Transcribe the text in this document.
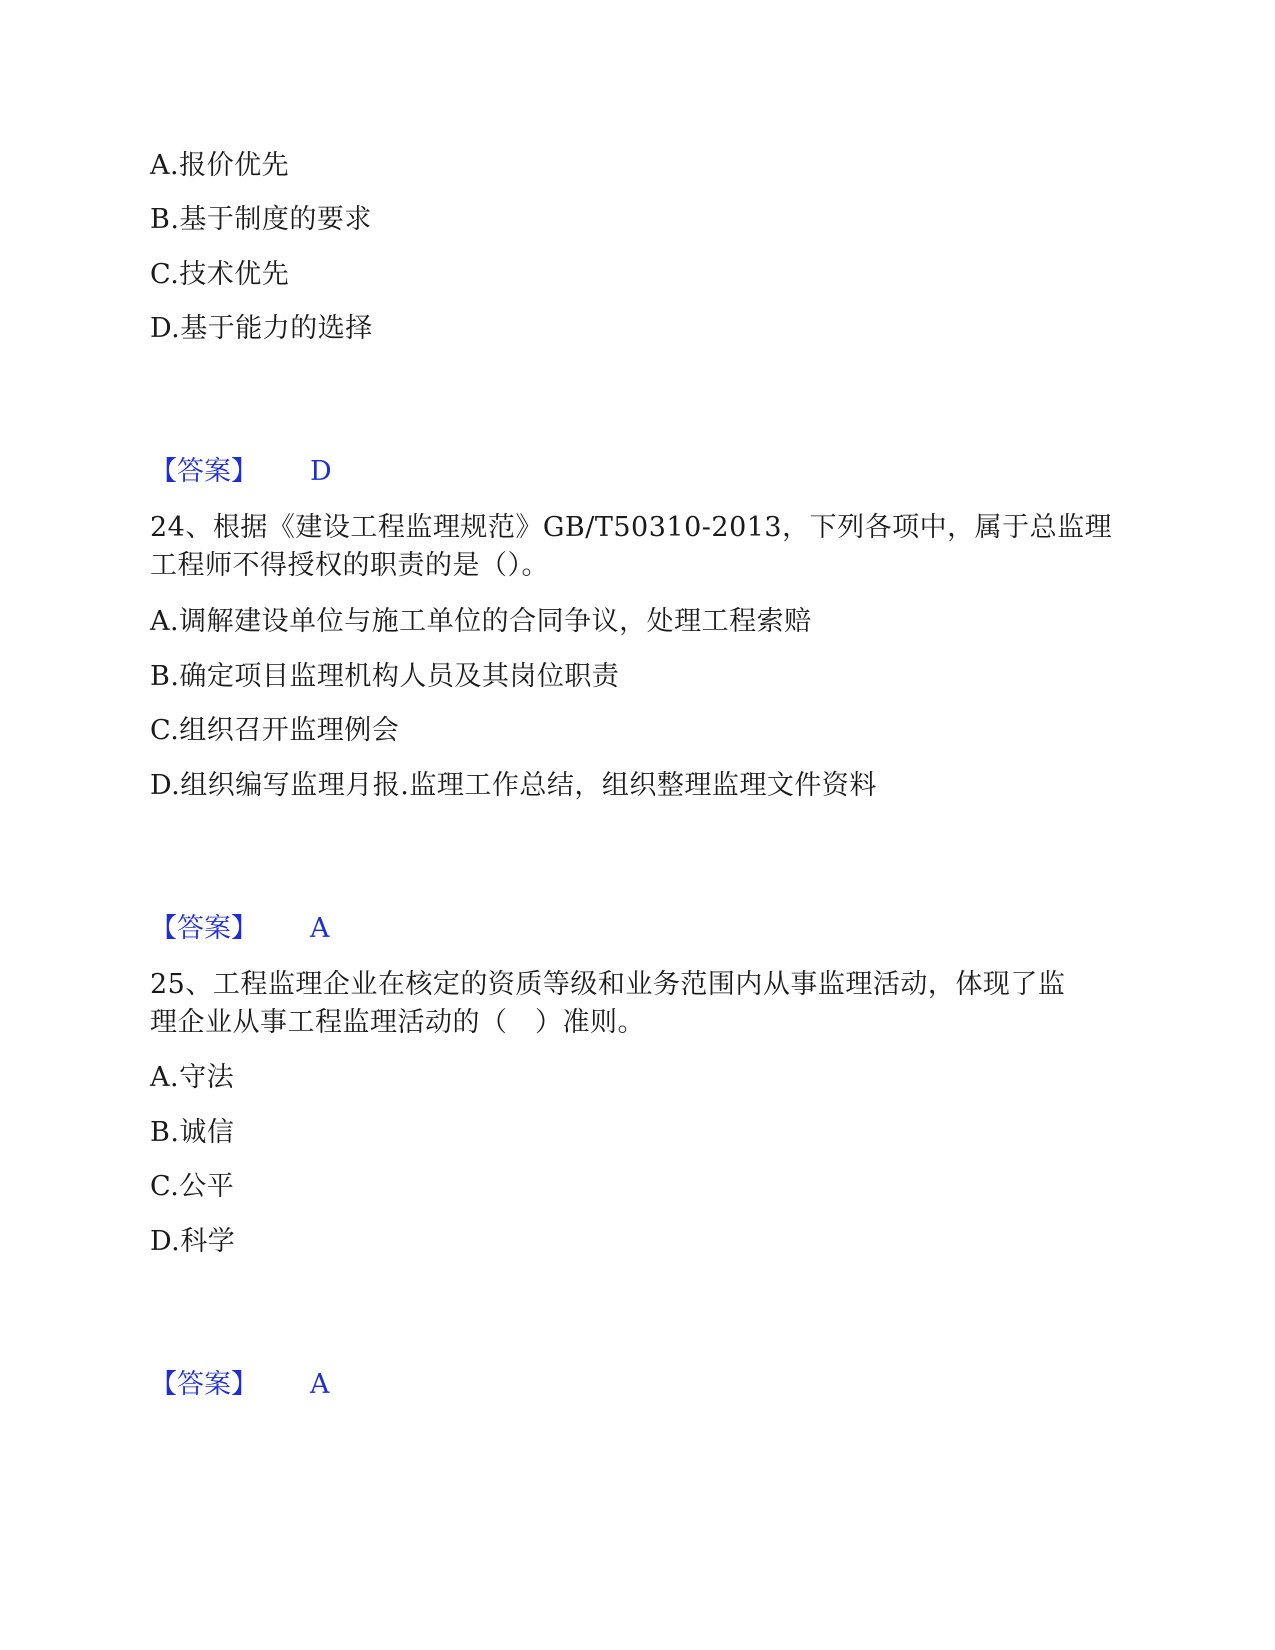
A.报价优先
B.基于制度的要求
C.技术优先
D.基于能力的选择
【答案】 D
24、根据《建设工程监理规范》GB/T50310-2013，下列各项中，属于总监理
工程师不得授权的职责的是（）。
A.调解建设单位与施工单位的合同争议，处理工程索赔
B.确定项目监理机构人员及其岗位职责
C.组织召开监理例会
D.组织编写监理月报.监理工作总结，组织整理监理文件资料
【答案】 A
25、工程监理企业在核定的资质等级和业务范围内从事监理活动，体现了监
理企业从事工程监理活动的（　）准则。
A.守法
B.诚信
C.公平
D.科学
【答案】 A
